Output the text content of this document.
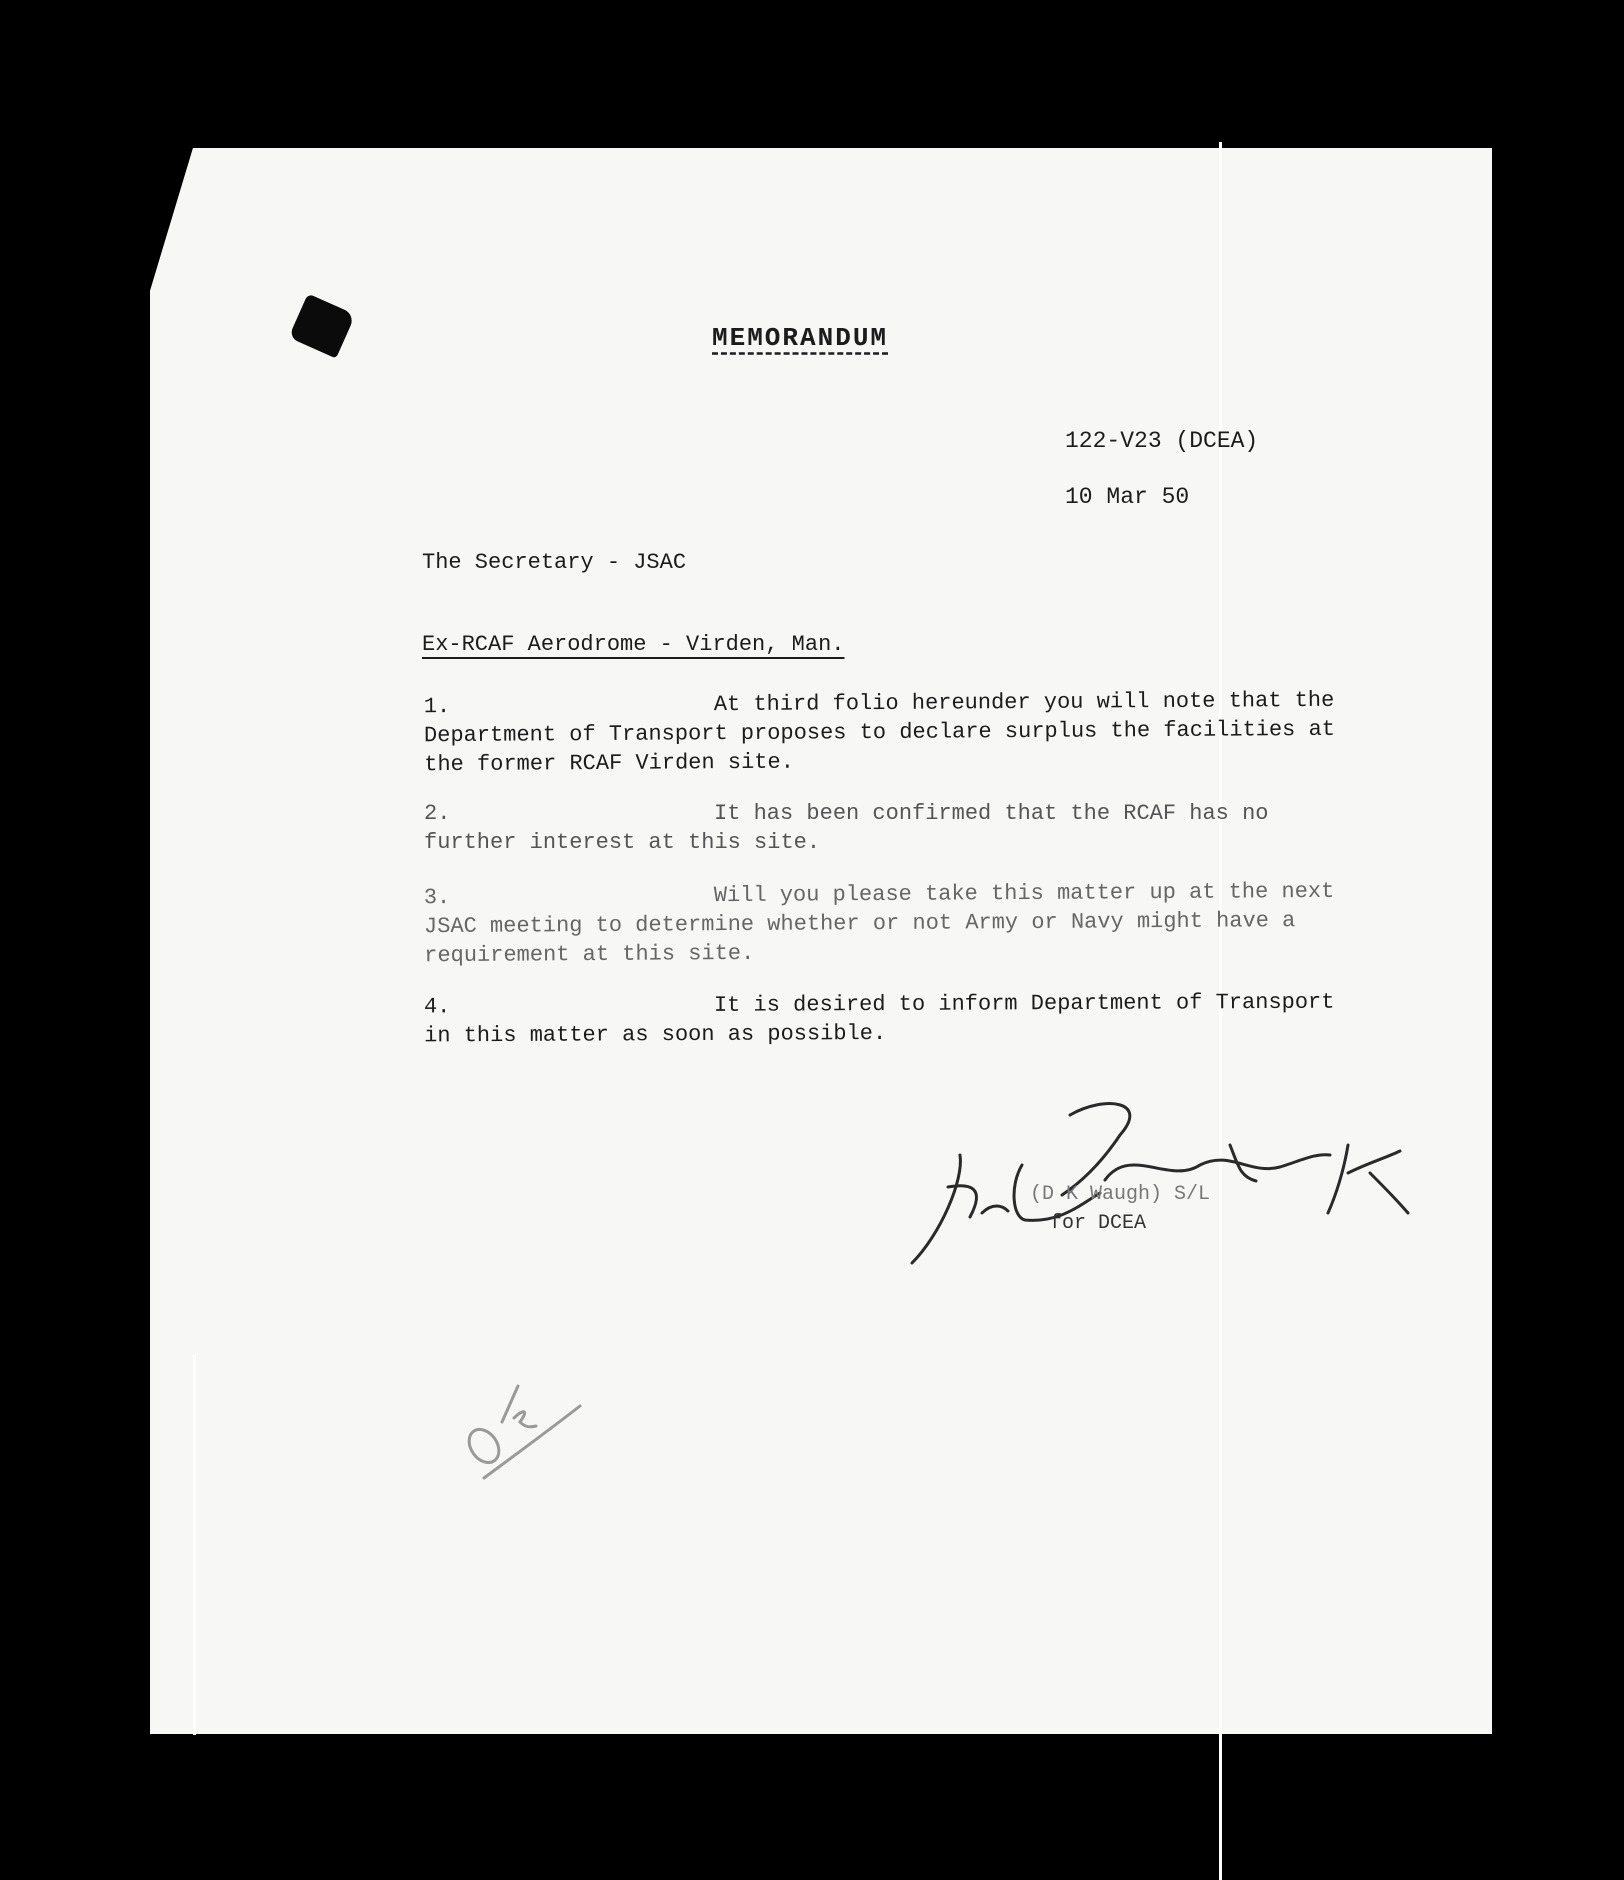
MEMORANDUM
122-V23 (DCEA)
10 Mar 50
The Secretary - JSAC
Ex-RCAF Aerodrome - Virden, Man.
1.	At third folio hereunder you will note that the Department of Transport proposes to declare surplus the facilities at the former RCAF Virden site.
2.	It has been confirmed that the RCAF has no further interest at this site.
3.	Will you please take this matter up at the next JSAC meeting to determine whether or not Army or Navy might have a requirement at this site.
4.	It is desired to inform Department of Transport in this matter as soon as possible.
(D K Waugh) S/L
for DCEA
